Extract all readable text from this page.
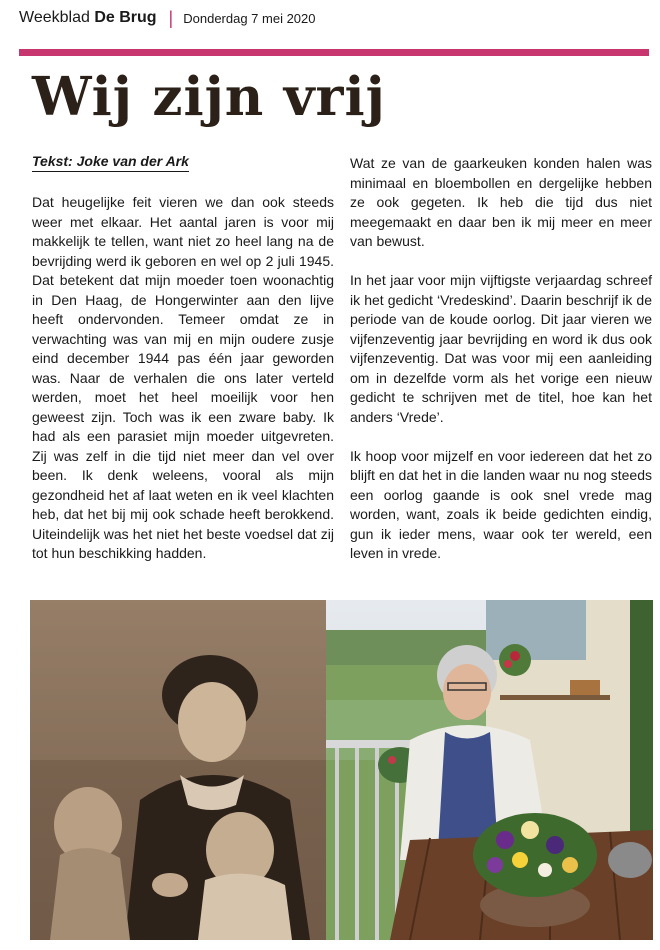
Weekblad De Brug | Donderdag 7 mei 2020
Wij zijn vrij
Tekst: Joke van der Ark

Dat heugelijke feit vieren we dan ook steeds weer met elkaar. Het aantal jaren is voor mij makkelijk te tellen, want niet zo heel lang na de bevrijding werd ik geboren en wel op 2 juli 1945. Dat betekent dat mijn moeder toen woonachtig in Den Haag, de Hongerwinter aan den lijve heeft ondervonden. Temeer omdat ze in verwachting was van mij en mijn oudere zusje eind december 1944 pas één jaar geworden was. Naar de verhalen die ons later verteld werden, moet het heel moeilijk voor hen geweest zijn. Toch was ik een zware baby. Ik had als een parasiet mijn moeder uitgevreten. Zij was zelf in die tijd niet meer dan vel over been. Ik denk weleens, vooral als mijn gezondheid het af laat weten en ik veel klachten heb, dat het bij mij ook schade heeft berokkend. Uiteindelijk was het niet het beste voedsel dat zij tot hun beschikking hadden.

Wat ze van de gaarkeuken konden halen was minimaal en bloembollen en dergelijke hebben ze ook gegeten. Ik heb die tijd dus niet meegemaakt en daar ben ik mij meer en meer van bewust.

In het jaar voor mijn vijftigste verjaardag schreef ik het gedicht ‘Vredeskind’. Daarin beschrijf ik de periode van de koude oorlog. Dit jaar vieren we vijfenzeventig jaar bevrijding en word ik dus ook vijfenzeventig. Dat was voor mij een aanleiding om in dezelfde vorm als het vorige een nieuw gedicht te schrijven met de titel, hoe kan het anders ‘Vrede’.

Ik hoop voor mijzelf en voor iedereen dat het zo blijft en dat het in die landen waar nu nog steeds een oorlog gaande is ook snel vrede mag worden, want, zoals ik beide gedichten eindig, gun ik ieder mens, waar ook ter wereld, een leven in vrede.
